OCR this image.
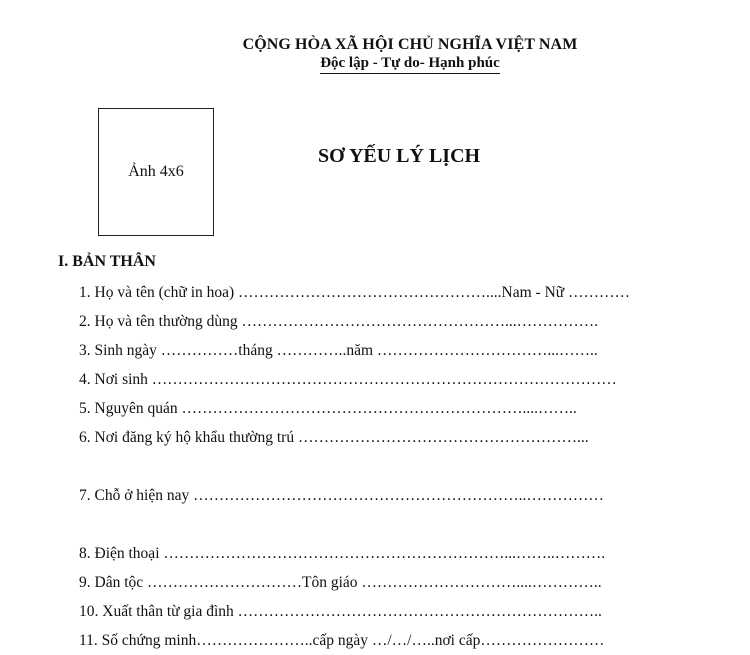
CỘNG HÒA XÃ HỘI CHỦ NGHĨA VIỆT NAM
Độc lập - Tự do- Hạnh phúc
Ảnh 4x6
SƠ YẾU LÝ LỊCH
I. BẢN THÂN
1. Họ và tên (chữ in hoa) …………………………………………....Nam - Nữ …………
2. Họ và tên thường dùng ……………………………………………...…………….
3. Sinh ngày ……………tháng …………..năm ……………………………...……..
4. Nơi sinh ………………………………………………………………………………
5. Nguyên quán …………………………………………………………....……..
6. Nơi đăng ký hộ khẩu thường trú ………………………………………………...
7. Chỗ ở hiện nay ………………………………………………………..……………
8. Điện thoại …………………………………………………………...……..……….
9. Dân tộc …………………………Tôn giáo …………………………....…………..
10. Xuất thân từ gia đình ……………………………………………………………..
11. Số chứng minh…………………..cấp ngày …/…/…..nơi cấp……………………
